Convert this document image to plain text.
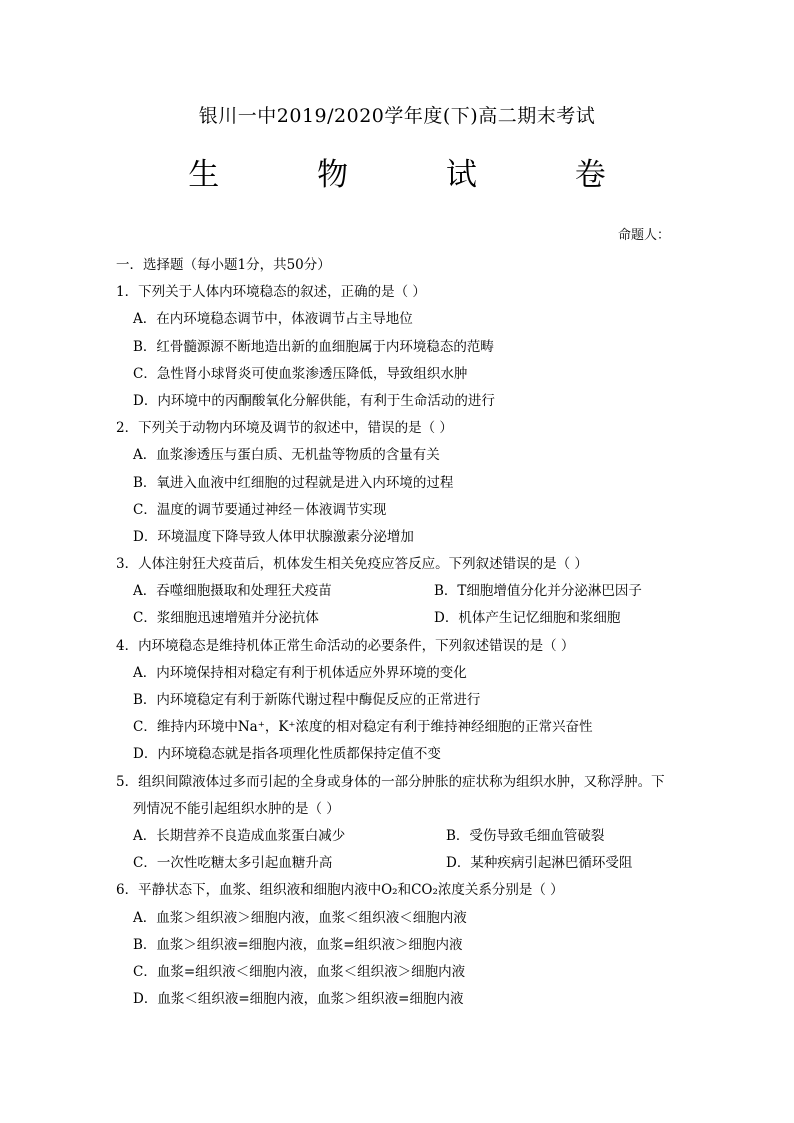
银川一中2019/2020学年度(下)高二期末考试
生 物 试 卷
命题人：
一．选择题（每小题1分，共50分）
1．下列关于人体内环境稳态的叙述，正确的是（ ）
A．在内环境稳态调节中，体液调节占主导地位
B．红骨髓源源不断地造出新的血细胞属于内环境稳态的范畴
C．急性肾小球肾炎可使血浆渗透压降低，导致组织水肿
D．内环境中的丙酮酸氧化分解供能，有利于生命活动的进行
2．下列关于动物内环境及调节的叙述中，错误的是（ ）
A．血浆渗透压与蛋白质、无机盐等物质的含量有关
B．氧进入血液中红细胞的过程就是进入内环境的过程
C．温度的调节要通过神经－体液调节实现
D．环境温度下降导致人体甲状腺激素分泌增加
3．人体注射狂犬疫苗后，机体发生相关免疫应答反应。下列叙述错误的是（ ）
A．吞噬细胞摄取和处理狂犬疫苗	B．T细胞增值分化并分泌淋巴因子
C．浆细胞迅速增殖并分泌抗体	D．机体产生记忆细胞和浆细胞
4．内环境稳态是维持机体正常生命活动的必要条件，下列叙述错误的是（ ）
A．内环境保持相对稳定有利于机体适应外界环境的变化
B．内环境稳定有利于新陈代谢过程中酶促反应的正常进行
C．维持内环境中Na⁺，K⁺浓度的相对稳定有利于维持神经细胞的正常兴奋性
D．内环境稳态就是指各项理化性质都保持定值不变
5．组织间隙液体过多而引起的全身或身体的一部分肿胀的症状称为组织水肿，又称浮肿。下
列情况不能引起组织水肿的是（ ）
A．长期营养不良造成血浆蛋白减少	B．受伤导致毛细血管破裂
C．一次性吃糖太多引起血糖升高	D．某种疾病引起淋巴循环受阻
6．平静状态下，血浆、组织液和细胞内液中O₂和CO₂浓度关系分别是（ ）
A．血浆＞组织液＞细胞内液，血浆＜组织液＜细胞内液
B．血浆＞组织液=细胞内液，血浆=组织液＞细胞内液
C．血浆=组织液＜细胞内液，血浆＜组织液＞细胞内液
D．血浆＜组织液=细胞内液，血浆＞组织液=细胞内液
